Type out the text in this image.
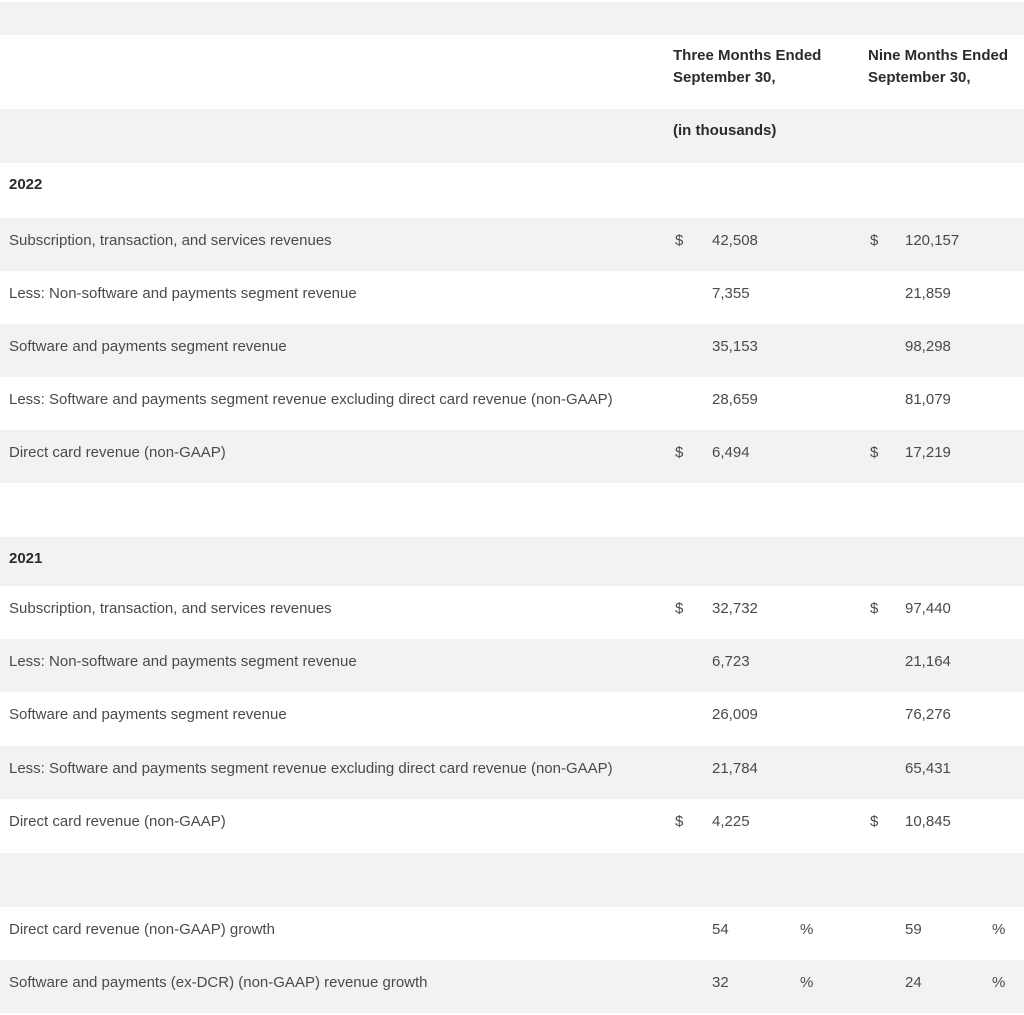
Three Months Ended September 30,
Nine Months Ended September 30,
(in thousands)
2022
Subscription, transaction, and services revenues	$	42,508	$	120,157
Less: Non-software and payments segment revenue	7,355	21,859
Software and payments segment revenue	35,153	98,298
Less: Software and payments segment revenue excluding direct card revenue (non-GAAP)	28,659	81,079
Direct card revenue (non-GAAP)	$	6,494	$	17,219
2021
Subscription, transaction, and services revenues	$	32,732	$	97,440
Less: Non-software and payments segment revenue	6,723	21,164
Software and payments segment revenue	26,009	76,276
Less: Software and payments segment revenue excluding direct card revenue (non-GAAP)	21,784	65,431
Direct card revenue (non-GAAP)	$	4,225	$	10,845
Direct card revenue (non-GAAP) growth	54	%	59	%
Software and payments (ex-DCR) (non-GAAP) revenue growth	32	%	24	%
